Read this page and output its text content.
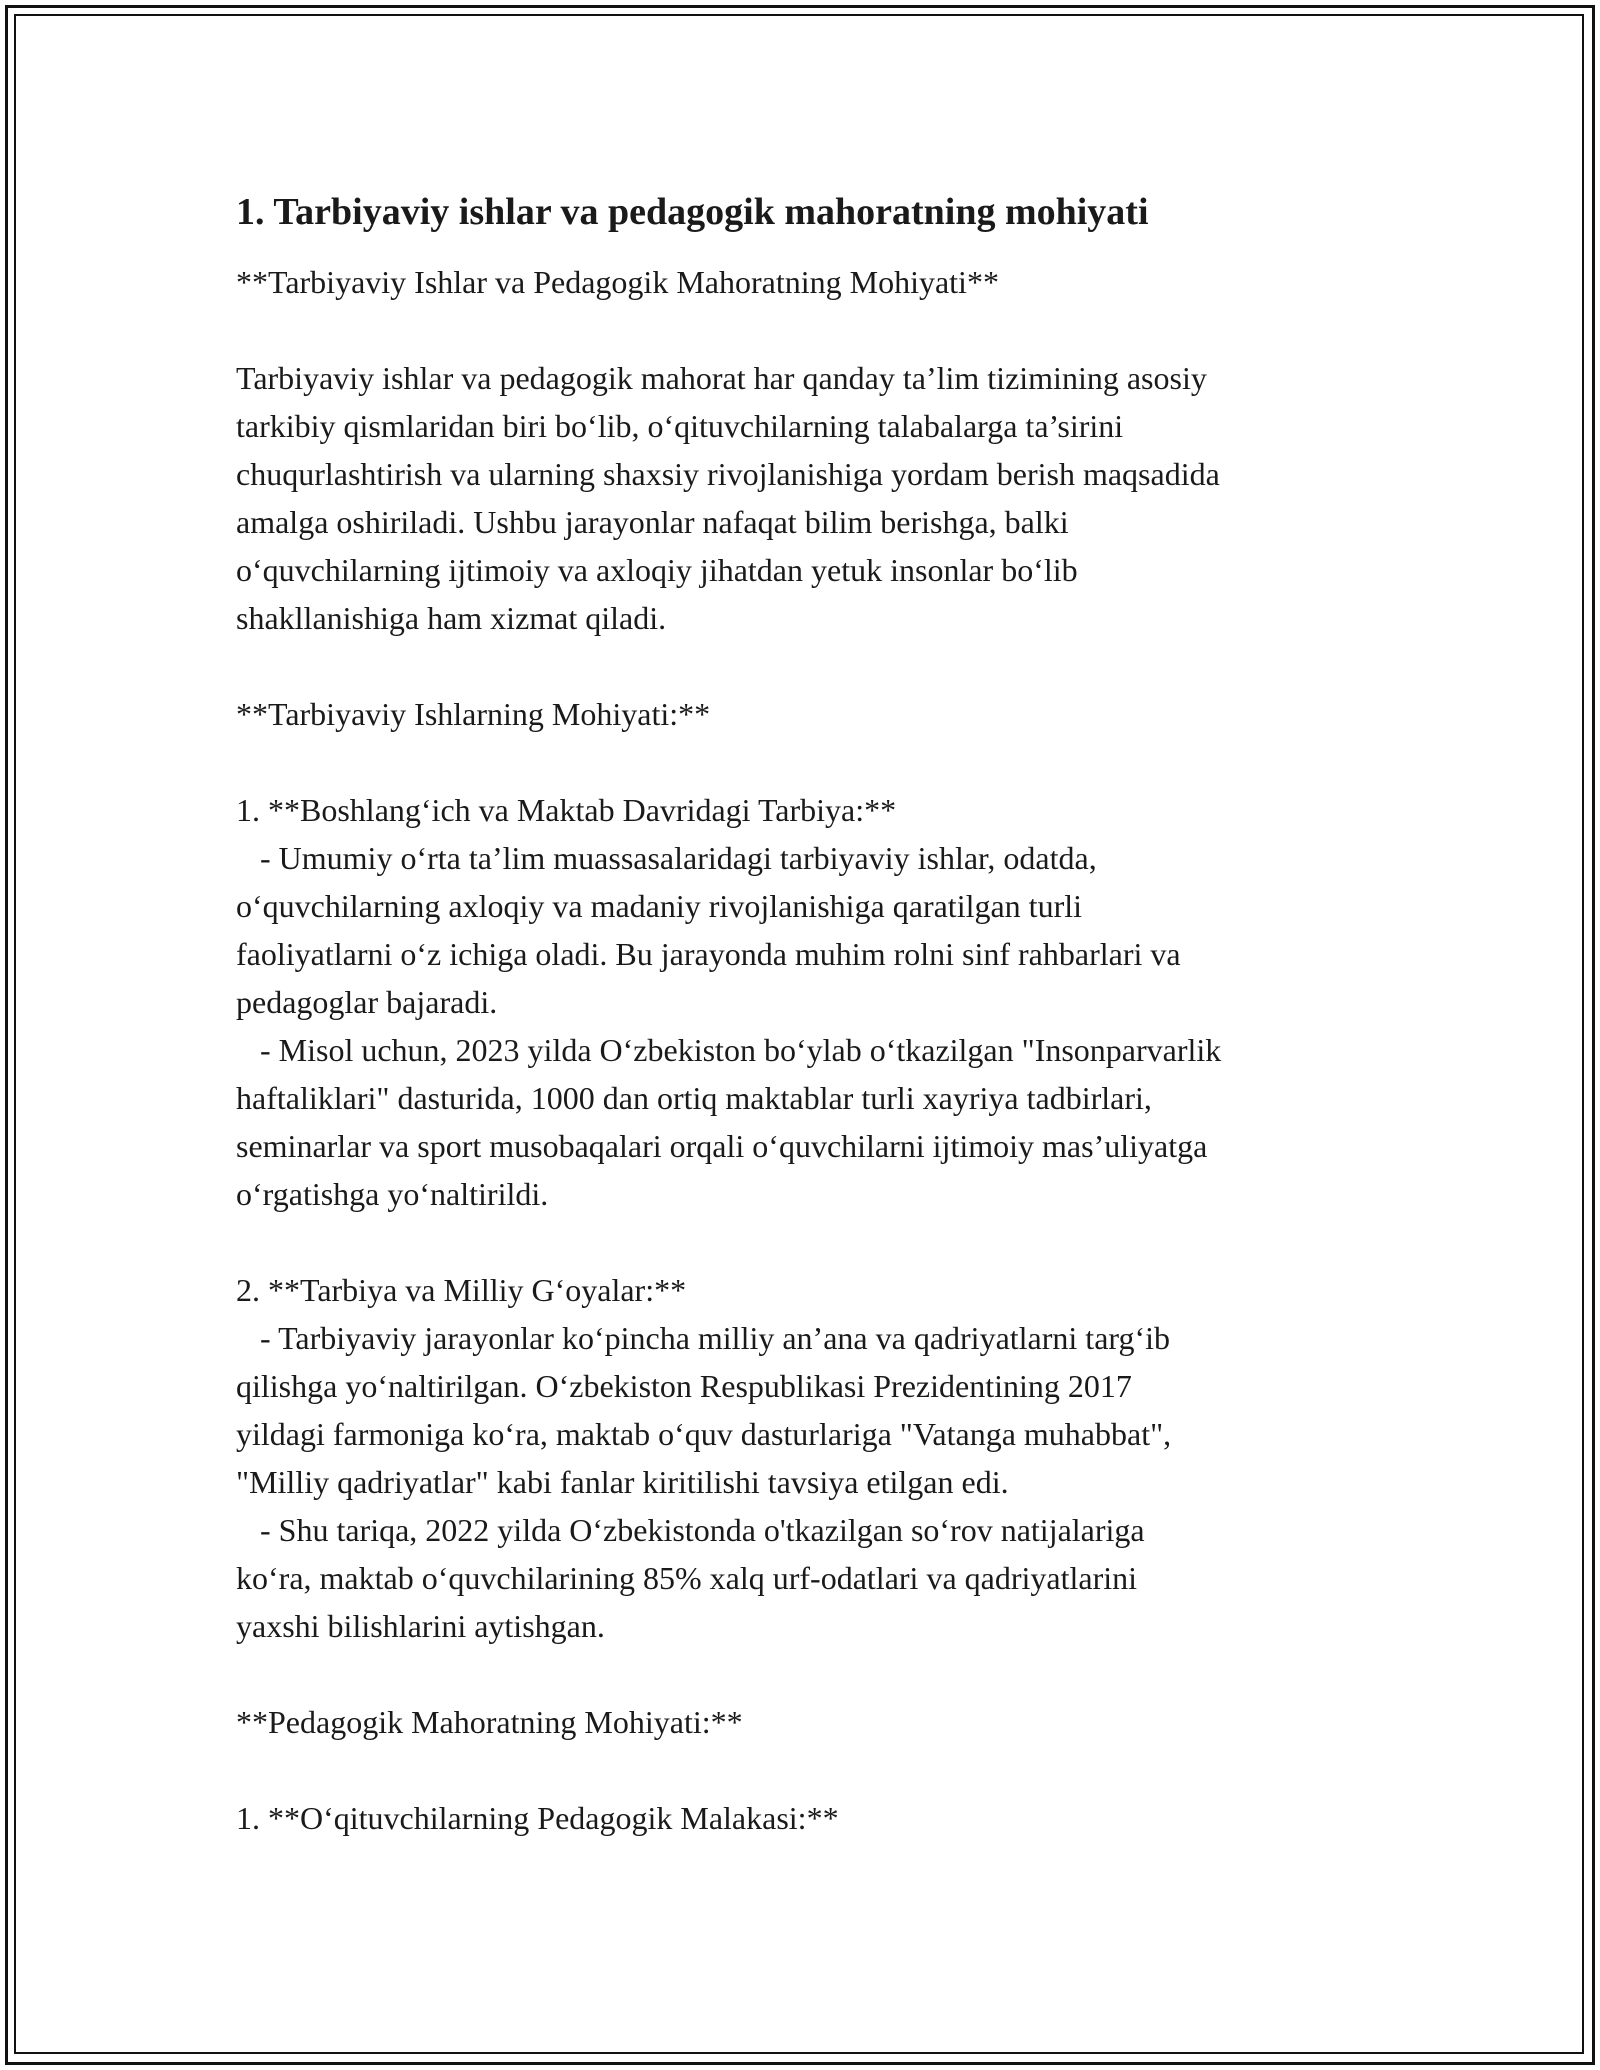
1. Tarbiyaviy ishlar va pedagogik mahoratning mohiyati
**Tarbiyaviy Ishlar va Pedagogik Mahoratning Mohiyati**

Tarbiyaviy ishlar va pedagogik mahorat har qanday ta’lim tizimining asosiy
tarkibiy qismlaridan biri bo‘lib, o‘qituvchilarning talabalarga ta’sirini
chuqurlashtirish va ularning shaxsiy rivojlanishiga yordam berish maqsadida
amalga oshiriladi. Ushbu jarayonlar nafaqat bilim berishga, balki
o‘quvchilarning ijtimoiy va axloqiy jihatdan yetuk insonlar bo‘lib
shakllanishiga ham xizmat qiladi.

**Tarbiyaviy Ishlarning Mohiyati:**

1. **Boshlang‘ich va Maktab Davridagi Tarbiya:**
- Umumiy o‘rta ta’lim muassasalaridagi tarbiyaviy ishlar, odatda,
o‘quvchilarning axloqiy va madaniy rivojlanishiga qaratilgan turli
faoliyatlarni o‘z ichiga oladi. Bu jarayonda muhim rolni sinf rahbarlari va
pedagoglar bajaradi.
- Misol uchun, 2023 yilda O‘zbekiston bo‘ylab o‘tkazilgan "Insonparvarlik
haftaliklari" dasturida, 1000 dan ortiq maktablar turli xayriya tadbirlari,
seminarlar va sport musobaqalari orqali o‘quvchilarni ijtimoiy mas’uliyatga
o‘rgatishga yo‘naltirildi.

2. **Tarbiya va Milliy G‘oyalar:**
- Tarbiyaviy jarayonlar ko‘pincha milliy an’ana va qadriyatlarni targ‘ib
qilishga yo‘naltirilgan. O‘zbekiston Respublikasi Prezidentining 2017
yildagi farmoniga ko‘ra, maktab o‘quv dasturlariga "Vatanga muhabbat",
"Milliy qadriyatlar" kabi fanlar kiritilishi tavsiya etilgan edi.
- Shu tariqa, 2022 yilda O‘zbekistonda o'tkazilgan so‘rov natijalariga
ko‘ra, maktab o‘quvchilarining 85% xalq urf-odatlari va qadriyatlarini
yaxshi bilishlarini aytishgan.

**Pedagogik Mahoratning Mohiyati:**

1. **O‘qituvchilarning Pedagogik Malakasi:**
